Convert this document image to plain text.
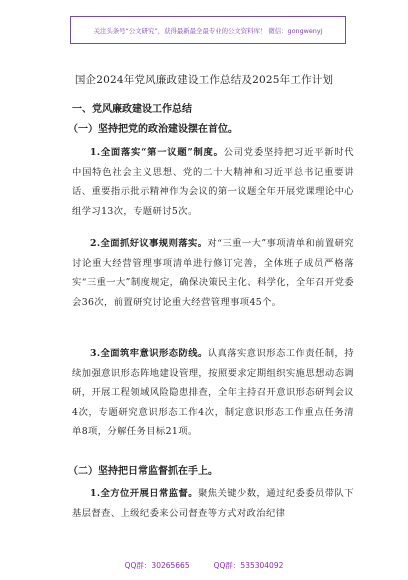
关注头条号“公文研究”，获得最新最全最专业的公文资料库！ 微信：gongwenyj
国企2024年党风廉政建设工作总结及2025年工作计划
一、党风廉政建设工作总结
（一）坚持把党的政治建设摆在首位。
1.全面落实“第一议题”制度。公司党委坚持把习近平新时代中国特色社会主义思想、党的二十大精神和习近平总书记重要讲话、重要指示批示精神作为会议的第一议题全年开展党课理论中心组学习13次，专题研讨5次。
2.全面抓好议事规则落实。对“三重一大”事项清单和前置研究讨论重大经营管理事项清单进行修订完善，全体班子成员严格落实“三重一大”制度规定，确保决策民主化、科学化，全年召开党委会36次，前置研究讨论重大经营管理事项45个。
3.全面筑牢意识形态防线。认真落实意识形态工作责任制，持续加强意识形态阵地建设管理，按照要求定期组织实施思想动态调研，开展工程领域风险隐患排查，全年主持召开意识形态研判会议4次，专题研究意识形态工作4次，制定意识形态工作重点任务清单8项，分解任务目标21项。
（二）坚持把日常监督抓在手上。
1.全方位开展日常监督。聚焦关键少数，通过纪委委员带队下基层督查、上级纪委来公司督查等方式对政治纪律
QQ群：30265665	QQ群：535304092
